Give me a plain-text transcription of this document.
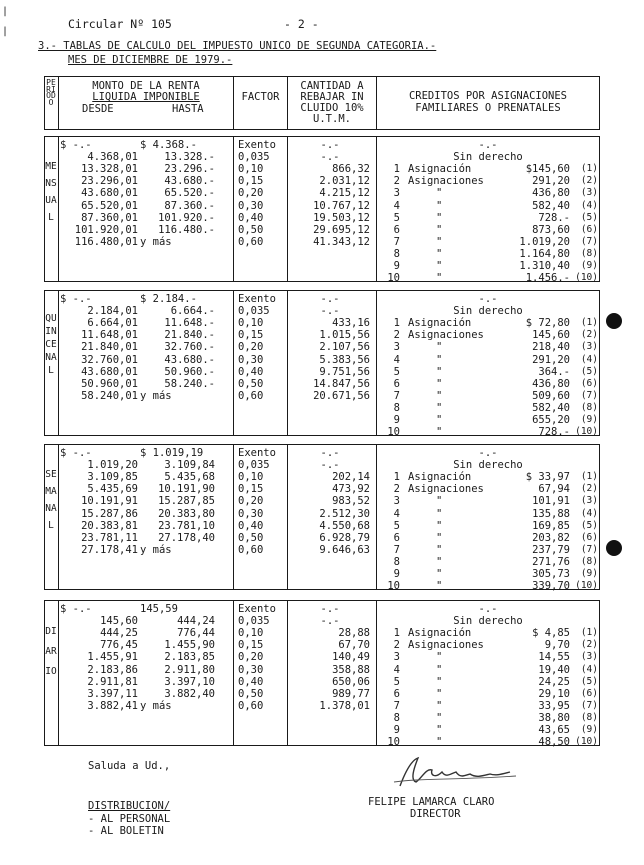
|
|
Circular Nº 105	- 2 -
3.- TABLAS DE CALCULO DEL IMPUESTO UNICO DE SEGUNDA CATEGORIA.-
MES DE DICIEMBRE DE 1979.-
PERIODO
MONTO DE LA RENTA
LIQUIDA IMPONIBLE
DESDE	HASTA
FACTOR
CANTIDAD A
REBAJAR IN
CLUIDO 10%
U.T.M.
CREDITOS POR ASIGNACIONES
FAMILIARES O PRENATALES
MENSUAL
$ -.-	$ 4.368.-	Exento	-.-
4.368,01	13.328.- 0,035	-.-
13.328,01	23.296.- 0,10	866,32
23.296,01	43.680.- 0,15	2.031,12
43.680,01	65.520.- 0,20	4.215,12
65.520,01	87.360.- 0,30	10.767,12
87.360,01	101.920.- 0,40	19.503,12
101.920,01	116.480.- 0,50	29.695,12
116.480,01 y más	0,60	41.343,12
-.-
Sin derecho
1 Asignación	$145,60	(1)
2 Asignaciones	291,20	(2)
3	"	436,80	(3)
4	"	582,40	(4)
5	"	728.-	(5)
6	"	873,60	(6)
7	"	1.019,20	(7)
8	"	1.164,80	(8)
9	"	1.310,40	(9)
10	"	1.456.- (10)
QUINCENAL
$ -.-	$ 2.184.-	Exento	-.-
2.184,01	6.664.- 0,035	-.-
6.664,01	11.648.- 0,10	433,16
11.648,01	21.840.- 0,15	1.015,56
21.840,01	32.760.- 0,20	2.107,56
32.760,01	43.680.- 0,30	5.383,56
43.680,01	50.960.- 0,40	9.751,56
50.960,01	58.240.- 0,50	14.847,56
58.240,01 y más	0,60	20.671,56
-.-
Sin derecho
1 Asignación	$ 72,80	(1)
2 Asignaciones	145,60	(2)
3	"	218,40	(3)
4	"	291,20	(4)
5	"	364.-	(5)
6	"	436,80	(6)
7	"	509,60	(7)
8	"	582,40	(8)
9	"	655,20	(9)
10	"	728.- (10)
SEMANAL
$ -.-	$ 1.019,19	Exento	-.-
1.019,20	3.109,84 0,035	-.-
3.109,85	5.435,68 0,10	202,14
5.435,69	10.191,90 0,15	473,92
10.191,91	15.287,85 0,20	983,52
15.287,86	20.383,80 0,30	2.512,30
20.383,81	23.781,10 0,40	4.550,68
23.781,11	27.178,40 0,50	6.928,79
27.178,41 y más	0,60	9.646,63
-.-
Sin derecho
1 Asignación	$ 33,97	(1)
2 Asignaciones	67,94	(2)
3	"	101,91	(3)
4	"	135,88	(4)
5	"	169,85	(5)
6	"	203,82	(6)
7	"	237,79	(7)
8	"	271,76	(8)
9	"	305,73	(9)
10	"	339,70 (10)
DIARIO
$ -.-	145,59	Exento	-.-
145,60	444,24 0,035	-.-
444,25	776,44 0,10	28,88
776,45	1.455,90 0,15	67,70
1.455,91	2.183,85 0,20	140,49
2.183,86	2.911,80 0,30	358,88
2.911,81	3.397,10 0,40	650,06
3.397,11	3.882,40 0,50	989,77
3.882,41 y más	0,60	1.378,01
-.-
Sin derecho
1 Asignación	$ 4,85	(1)
2 Asignaciones	9,70	(2)
3	"	14,55	(3)
4	"	19,40	(4)
5	"	24,25	(5)
6	"	29,10	(6)
7	"	33,95	(7)
8	"	38,80	(8)
9	"	43,65	(9)
10	"	48,50 (10)
Saluda a Ud.,
FELIPE LAMARCA CLARO
DIRECTOR
DISTRIBUCION/
- AL PERSONAL
- AL BOLETIN
